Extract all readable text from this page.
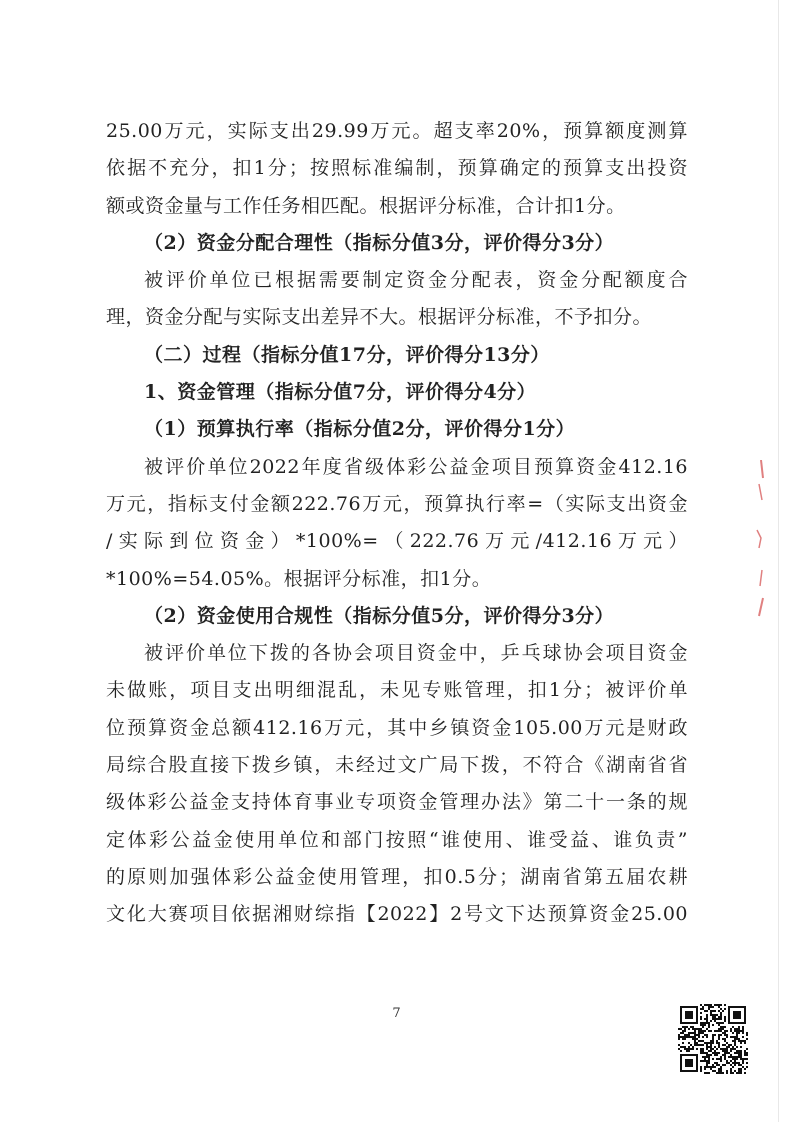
25.00万元，实际支出29.99万元。超支率20%，预算额度测算
依据不充分，扣1分；按照标准编制，预算确定的预算支出投资
额或资金量与工作任务相匹配。根据评分标准，合计扣1分。
（2）资金分配合理性（指标分值3分，评价得分3分）
被评价单位已根据需要制定资金分配表，资金分配额度合
理，资金分配与实际支出差异不大。根据评分标准，不予扣分。
（二）过程（指标分值17分，评价得分13分）
1、资金管理（指标分值7分，评价得分4分）
（1）预算执行率（指标分值2分，评价得分1分）
被评价单位2022年度省级体彩公益金项目预算资金412.16
万元，指标支付金额222.76万元，预算执行率=（实际支出资金
/实际到位资金）*100%=（222.76万元/412.16万元）
*100%=54.05%。根据评分标准，扣1分。
（2）资金使用合规性（指标分值5分，评价得分3分）
被评价单位下拨的各协会项目资金中，乒乓球协会项目资金
未做账，项目支出明细混乱，未见专账管理，扣1分；被评价单
位预算资金总额412.16万元，其中乡镇资金105.00万元是财政
局综合股直接下拨乡镇，未经过文广局下拨，不符合《湖南省省
级体彩公益金支持体育事业专项资金管理办法》第二十一条的规
定体彩公益金使用单位和部门按照“谁使用、谁受益、谁负责”
的原则加强体彩公益金使用管理，扣0.5分；湖南省第五届农耕
文化大赛项目依据湘财综指【2022】2号文下达预算资金25.00
7
